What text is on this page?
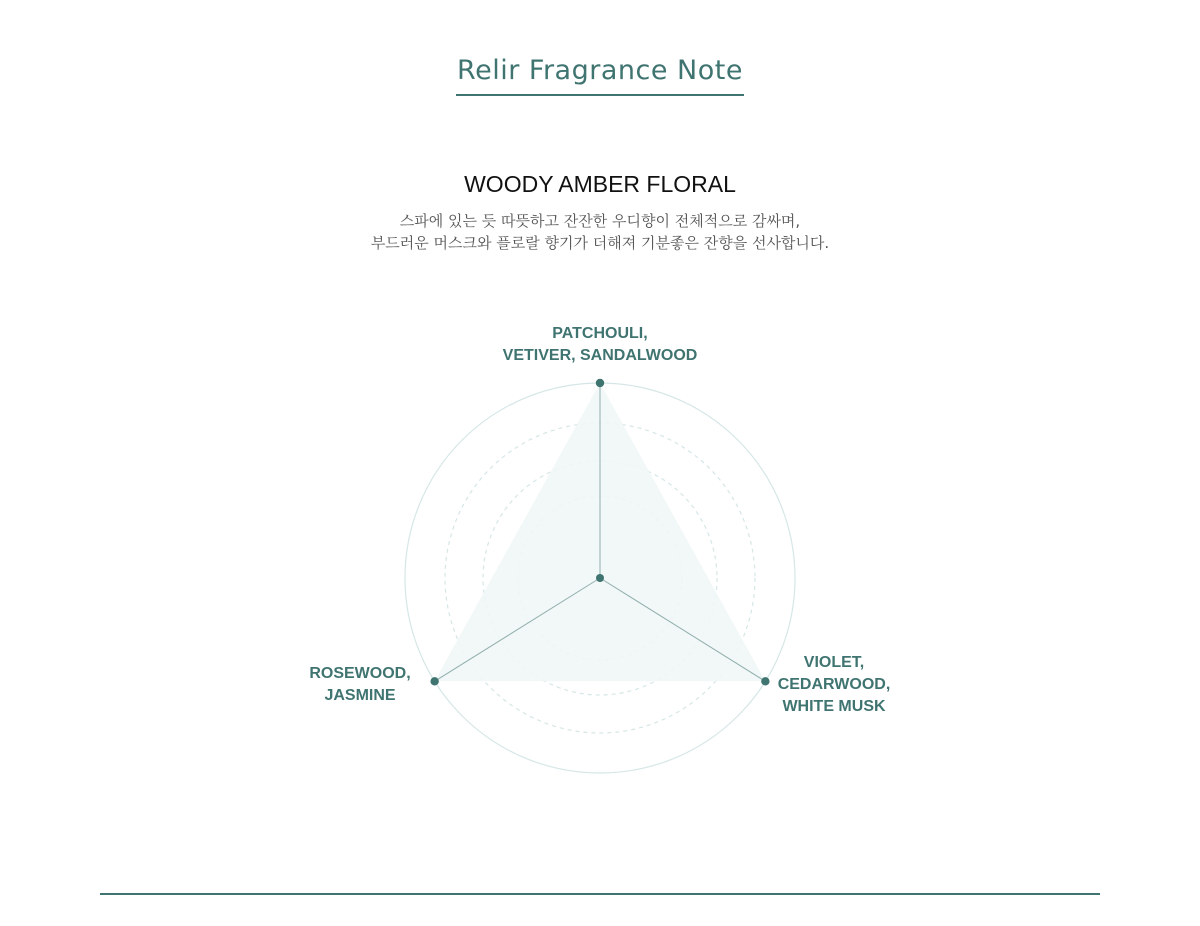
Relir Fragrance Note
WOODY AMBER FLORAL
스파에 있는 듯 따뜻하고 잔잔한 우디향이 전체적으로 감싸며,
부드러운 머스크와 플로랄 향기가 더해져 기분좋은 잔향을 선사합니다.
PATCHOULI,
VETIVER, SANDALWOOD
ROSEWOOD,
JASMINE
VIOLET,
CEDARWOOD,
WHITE MUSK
